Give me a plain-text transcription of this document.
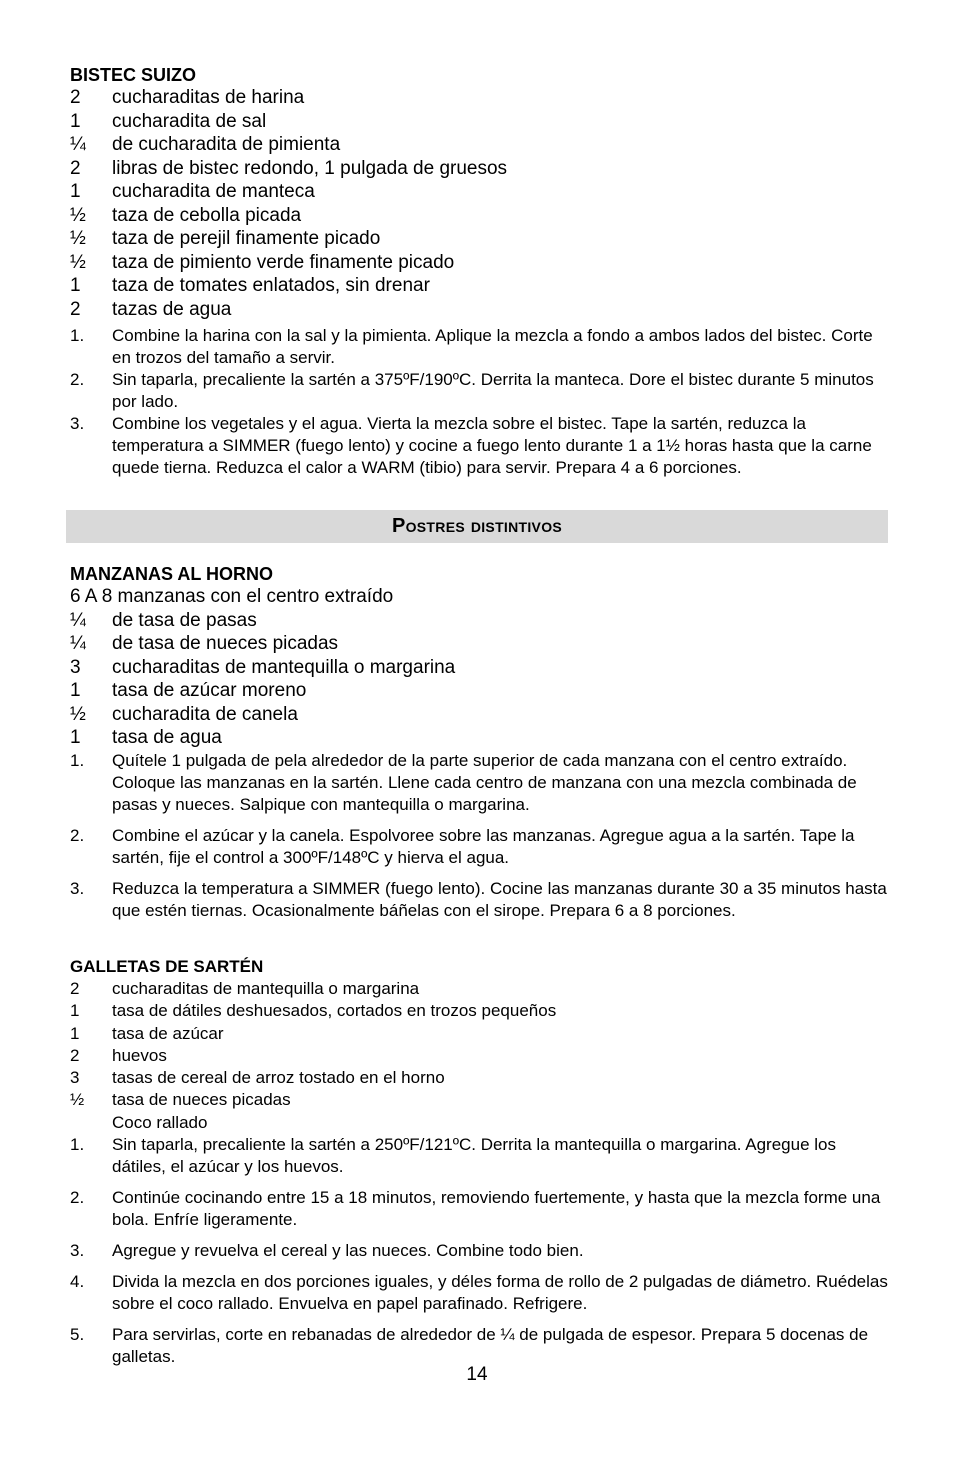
BISTEC SUIZO
2	cucharaditas de harina
1	cucharadita de sal
¼	de cucharadita de pimienta
2	libras de bistec redondo, 1 pulgada de gruesos
1	cucharadita de manteca
½	taza de cebolla picada
½	taza de perejil finamente picado
½	taza de pimiento verde finamente picado
1	taza de tomates enlatados, sin drenar
2	tazas de agua
1.	Combine la harina con la sal y la pimienta. Aplique la mezcla a fondo a ambos lados del bistec. Corte en trozos del tamaño a servir.
2.	Sin taparla, precaliente la sartén a 375ºF/190ºC. Derrita la manteca. Dore el bistec durante 5 minutos por lado.
3.	Combine los vegetales y el agua. Vierta la mezcla sobre el bistec. Tape la sartén, reduzca la temperatura a SIMMER (fuego lento) y cocine a fuego lento durante 1 a 1½ horas hasta que la carne quede tierna. Reduzca el calor a WARM (tibio) para servir. Prepara 4 a 6 porciones.
Postres distintivos
MANZANAS AL HORNO
6 A 8 manzanas con el centro extraído
¼	de tasa de pasas
¼	de tasa de nueces picadas
3	cucharaditas de mantequilla o margarina
1	tasa de azúcar moreno
½	cucharadita de canela
1	tasa de agua
1.	Quítele 1 pulgada de pela alrededor de la parte superior de cada manzana con el centro extraído. Coloque las manzanas en la sartén. Llene cada centro de manzana con una mezcla combinada de pasas y nueces. Salpique con mantequilla o margarina.
2.	Combine el azúcar y la canela. Espolvoree sobre las manzanas. Agregue agua a la sartén. Tape la sartén, fije el control a 300ºF/148ºC y hierva el agua.
3.	Reduzca la temperatura a SIMMER (fuego lento). Cocine las manzanas durante 30 a 35 minutos hasta que estén tiernas. Ocasionalmente báñelas con el sirope. Prepara 6 a 8 porciones.
GALLETAS DE SARTÉN
2	cucharaditas de mantequilla o margarina
1	tasa de dátiles deshuesados, cortados en trozos pequeños
1	tasa de azúcar
2	huevos
3	tasas de cereal de arroz tostado en el horno
½	tasa de nueces picadas
Coco rallado
1.	Sin taparla, precaliente la sartén a 250ºF/121ºC. Derrita la mantequilla o margarina. Agregue los dátiles, el azúcar y los huevos.
2.	Continúe cocinando entre 15 a 18 minutos, removiendo fuertemente, y hasta que la mezcla forme una bola. Enfríe ligeramente.
3.	Agregue y revuelva el cereal y las nueces. Combine todo bien.
4.	Divida la mezcla en dos porciones iguales, y déles forma de rollo de 2 pulgadas de diámetro. Ruédelas sobre el coco rallado. Envuelva en papel parafinado. Refrigere.
5.	Para servirlas, corte en rebanadas de alrededor de ¼ de pulgada de espesor. Prepara 5 docenas de galletas.
14
